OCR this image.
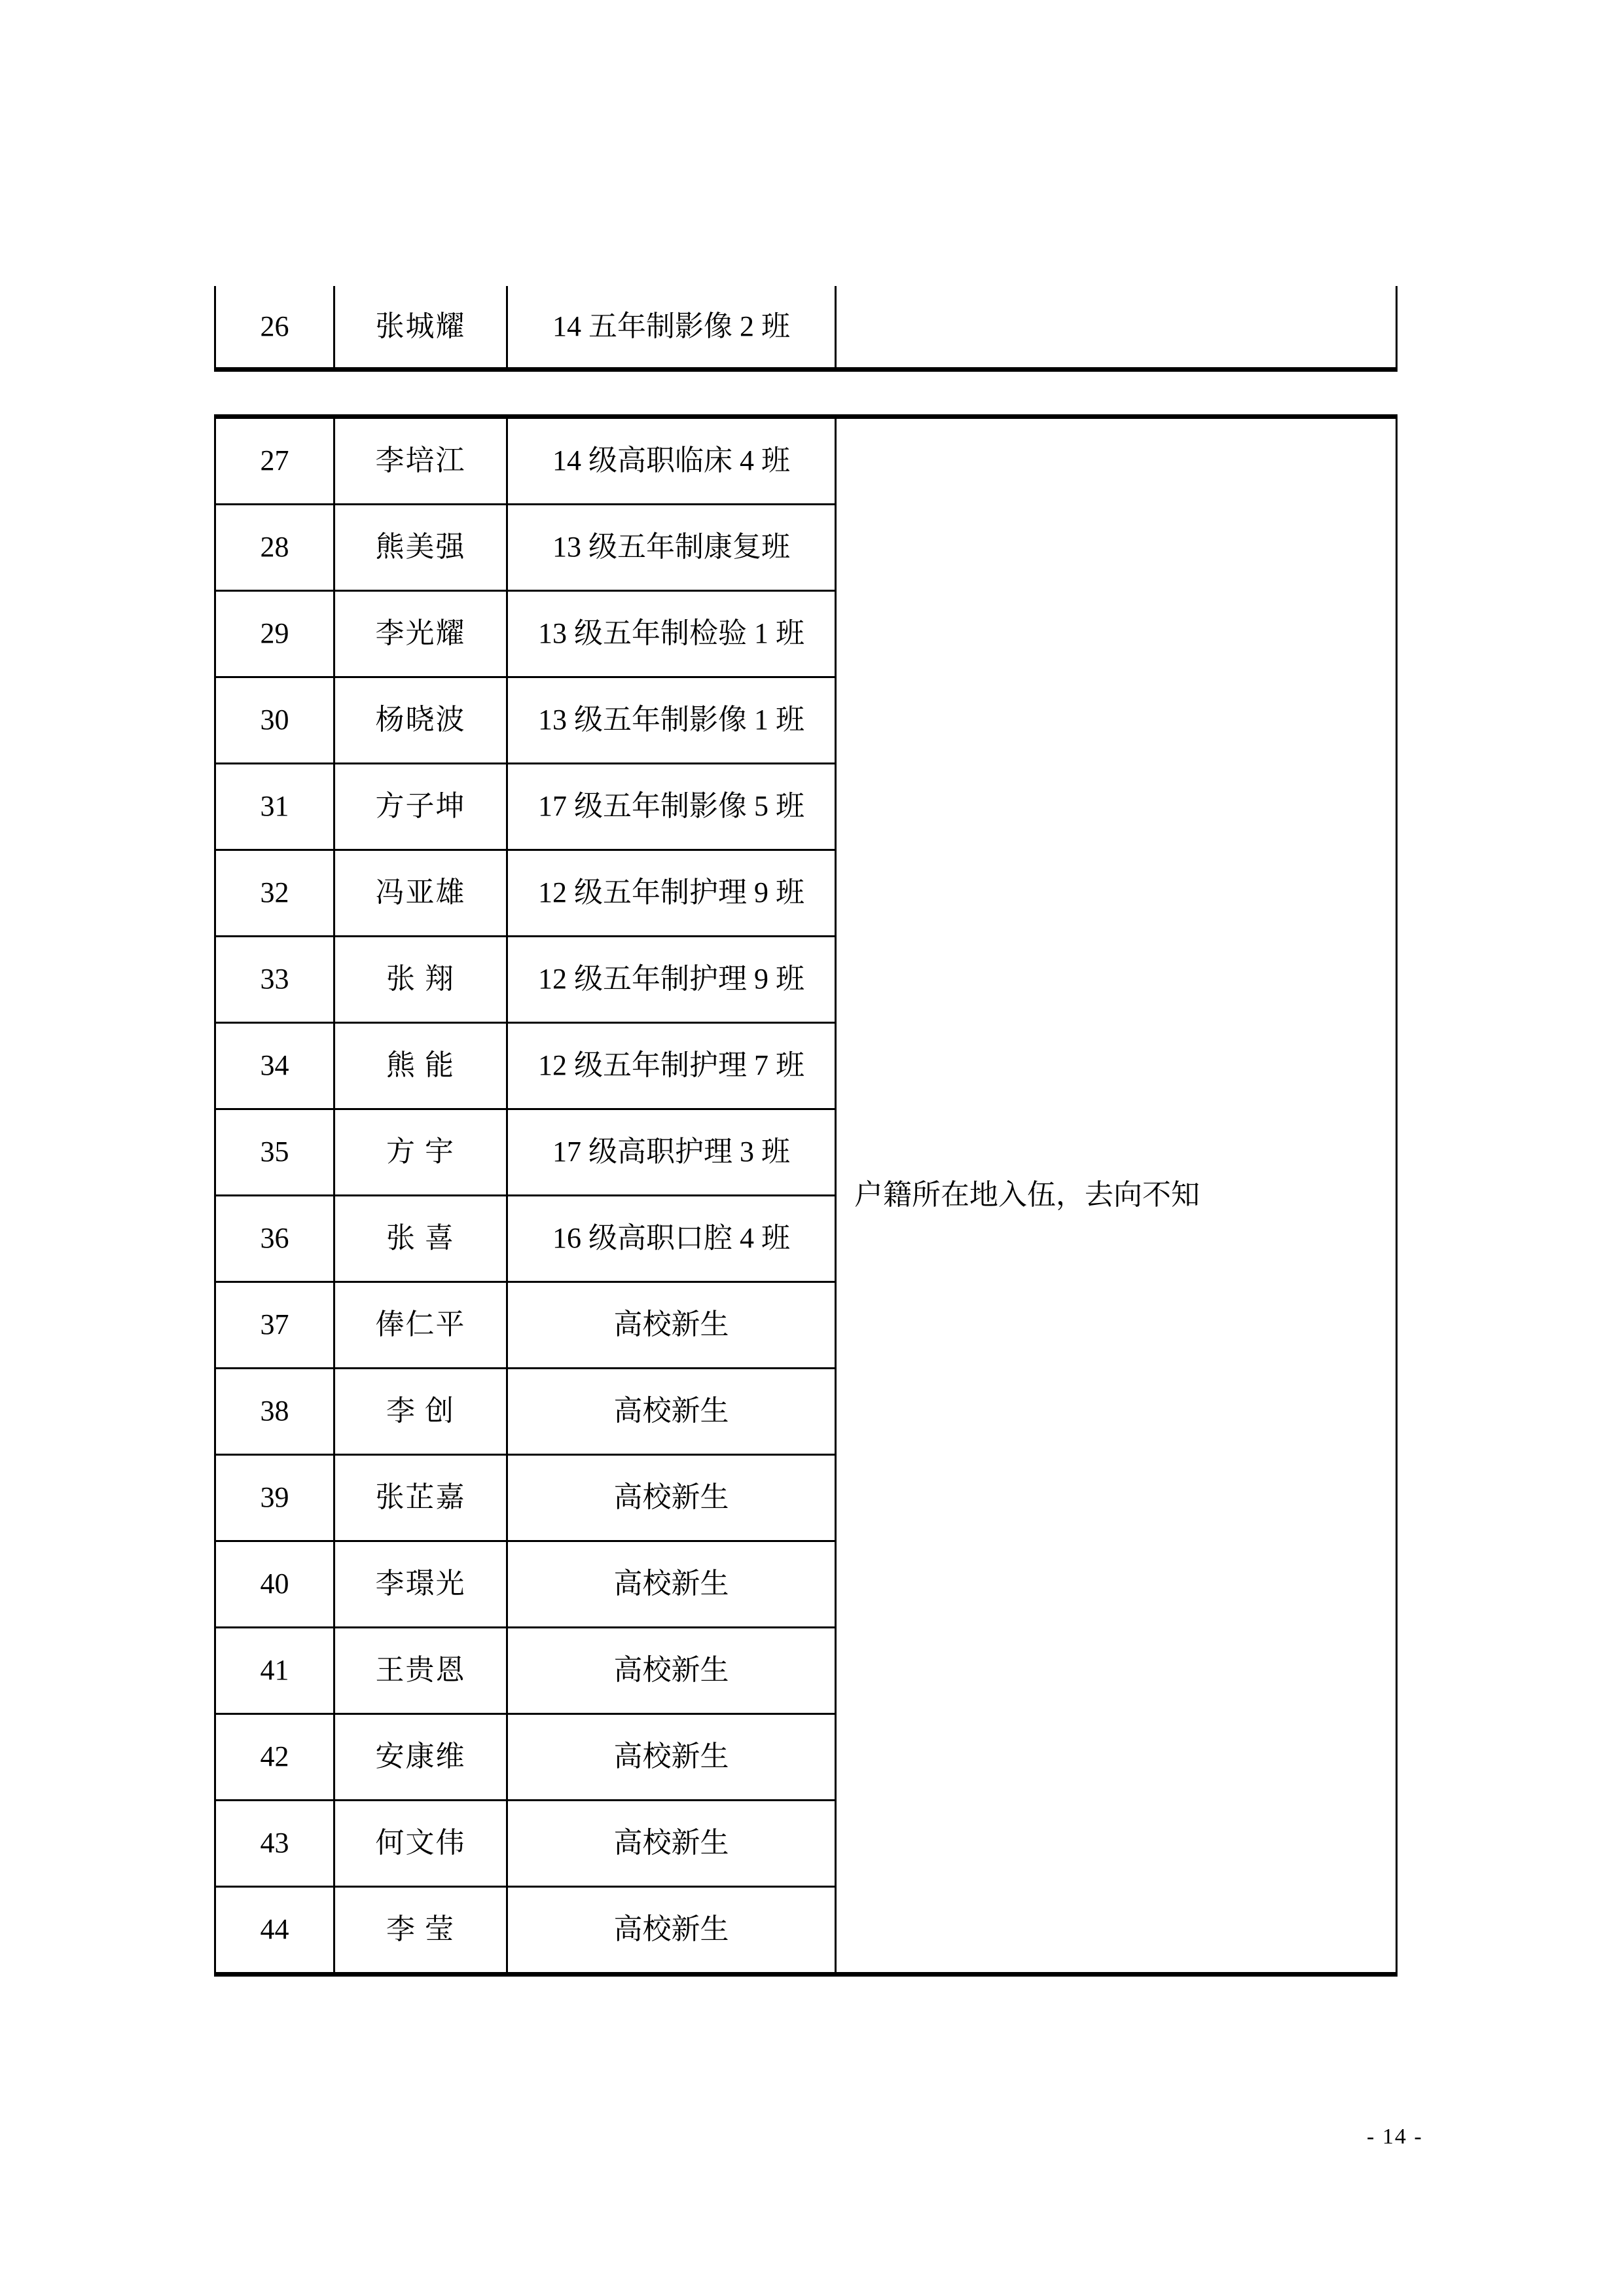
26	张城耀	14 五年制影像 2 班	
27	李培江	14 级高职临床 4 班	户籍所在地入伍，去向不知
28	熊美强	13 级五年制康复班	
29	李光耀	13 级五年制检验 1 班	
30	杨晓波	13 级五年制影像 1 班	
31	方子坤	17 级五年制影像 5 班	
32	冯亚雄	12 级五年制护理 9 班	
33	张 翔	12 级五年制护理 9 班	
34	熊 能	12 级五年制护理 7 班	
35	方 宇	17 级高职护理 3 班	
36	张 喜	16 级高职口腔 4 班	
37	俸仁平	高校新生	
38	李 创	高校新生	
39	张芷嘉	高校新生	
40	李璟光	高校新生	
41	王贵恩	高校新生	
42	安康维	高校新生	
43	何文伟	高校新生	
44	李 莹	高校新生	
- 14 -
